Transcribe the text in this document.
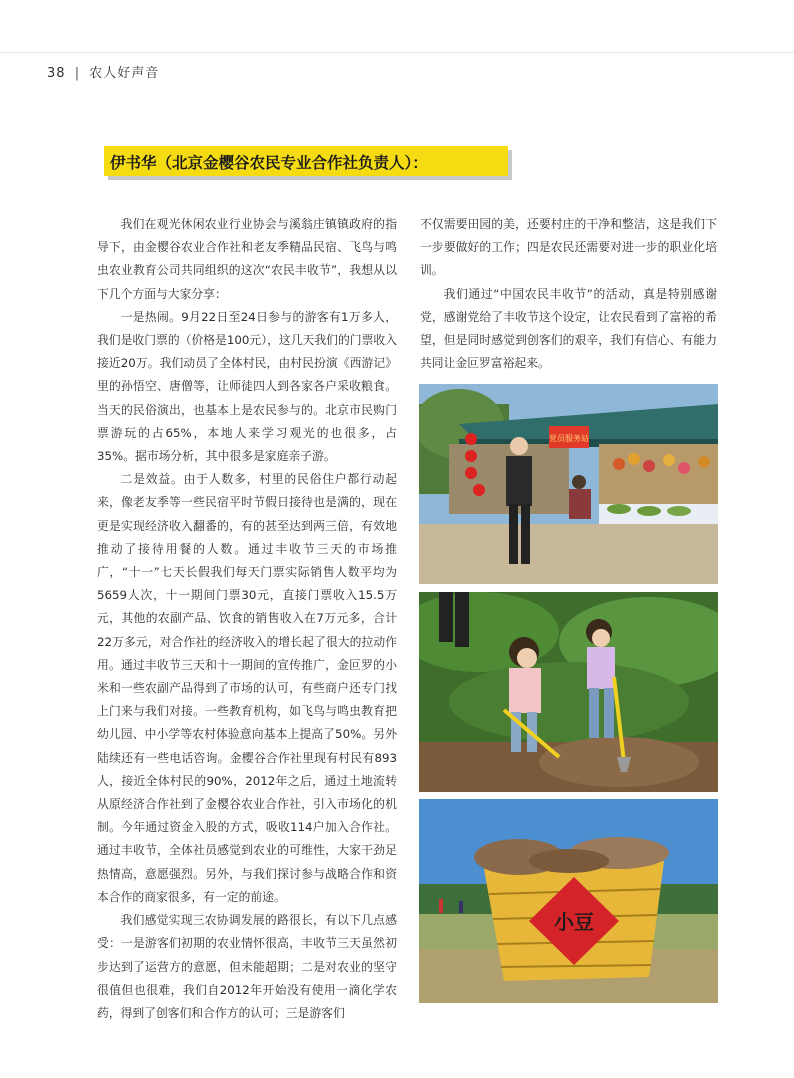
38 | 农人好声音
伊书华（北京金樱谷农民专业合作社负责人）：

我们在观光休闲农业行业协会与溪翁庄镇镇政府的指导下，由金樱谷农业合作社和老友季精品民宿、飞鸟与鸣虫农业教育公司共同组织的这次“农民丰收节”，我想从以下几个方面与大家分享：

一是热闹。9月22日至24日参与的游客有1万多人，我们是收门票的（价格是100元），这几天我们的门票收入接近20万。我们动员了全体村民，由村民扮演《西游记》里的孙悟空、唐僧等，让师徒四人到各家各户采收粮食。当天的民俗演出，也基本上是农民参与的。北京市民购门票游玩的占65%，本地人来学习观光的也很多，占35%。据市场分析，其中很多是家庭亲子游。

二是效益。由于人数多，村里的民俗住户都行动起来，像老友季等一些民宿平时节假日接待也是满的，现在更是实现经济收入翻番的，有的甚至达到两三倍，有效地推动了接待用餐的人数。通过丰收节三天的市场推广，“十一”七天长假我们每天门票实际销售人数平均为5659人次，十一期间门票30元，直接门票收入15.5万元，其他的农副产品、饮食的销售收入在7万元多，合计22万多元，对合作社的经济收入的增长起了很大的拉动作用。通过丰收节三天和十一期间的宣传推广，金叵罗的小米和一些农副产品得到了市场的认可，有些商户还专门找上门来与我们对接。一些教育机构，如飞鸟与鸣虫教育把幼儿园、中小学等农村体验意向基本上提高了50%。另外陆续还有一些电话咨询。金樱谷合作社里现有村民有893人，接近全体村民的90%，2012年之后，通过土地流转从原经济合作社到了金樱谷农业合作社，引入市场化的机制。今年通过资金入股的方式，吸收114户加入合作社。通过丰收节，全体社员感觉到农业的可维性，大家干劲足热情高，意愿强烈。另外，与我们探讨参与战略合作和资本合作的商家很多，有一定的前途。

我们感觉实现三农协调发展的路很长，有以下几点感受：一是游客们初期的农业情怀很高，丰收节三天虽然初步达到了运营方的意愿，但未能超期；二是对农业的坚守很值但也很难，我们自2012年开始没有使用一滴化学农药，得到了创客们和合作方的认可；三是游客们

不仅需要田园的美，还要村庄的干净和整洁，这是我们下一步要做好的工作；四是农民还需要对进一步的职业化培训。

我们通过“中国农民丰收节”的活动，真是特别感谢党，感谢党给了丰收节这个设定，让农民看到了富裕的希望，但是同时感觉到创客们的艰辛，我们有信心、有能力共同让金叵罗富裕起来。

党员服务站
小豆
